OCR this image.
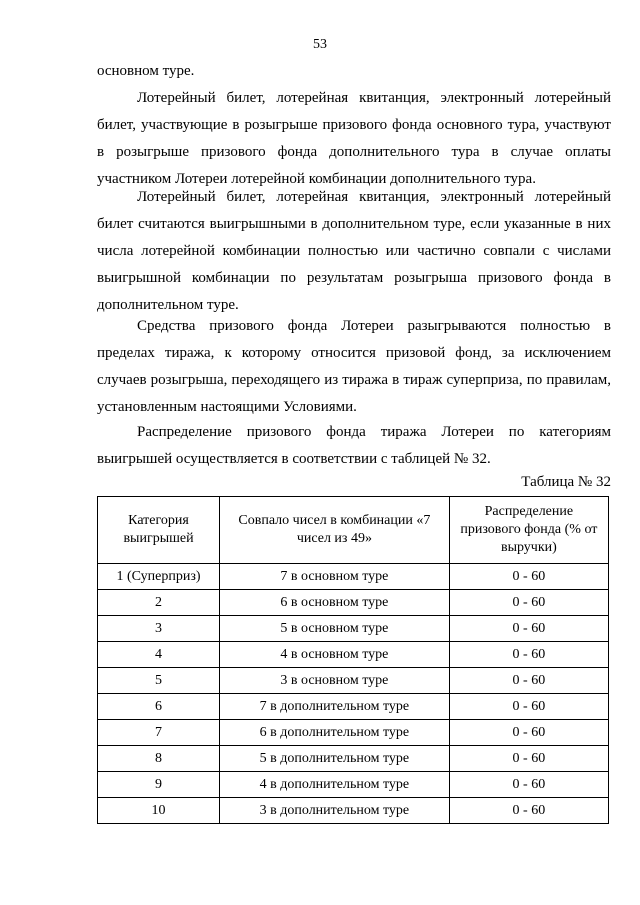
53

основном туре.

Лотерейный билет, лотерейная квитанция, электронный лотерейный билет, участвующие в розыгрыше призового фонда основного тура, участвуют в розыгрыше призового фонда дополнительного тура в случае оплаты участником Лотереи лотерейной комбинации дополнительного тура.

Лотерейный билет, лотерейная квитанция, электронный лотерейный билет считаются выигрышными в дополнительном туре, если указанные в них числа лотерейной комбинации полностью или частично совпали с числами выигрышной комбинации по результатам розыгрыша призового фонда в дополнительном туре.

Средства призового фонда Лотереи разыгрываются полностью в пределах тиража, к которому относится призовой фонд, за исключением случаев розыгрыша, переходящего из тиража в тираж суперприза, по правилам, установленным настоящими Условиями.

Распределение призового фонда тиража Лотереи по категориям выигрышей осуществляется в соответствии с таблицей № 32.

Таблица № 32
Категория выигрышей	Совпало чисел в комбинации «7 чисел из 49»	Распределение призового фонда (% от выручки)
1 (Суперприз)	7 в основном туре	0 - 60
2	6 в основном туре	0 - 60
3	5 в основном туре	0 - 60
4	4 в основном туре	0 - 60
5	3 в основном туре	0 - 60
6	7 в дополнительном туре	0 - 60
7	6 в дополнительном туре	0 - 60
8	5 в дополнительном туре	0 - 60
9	4 в дополнительном туре	0 - 60
10	3 в дополнительном туре	0 - 60
